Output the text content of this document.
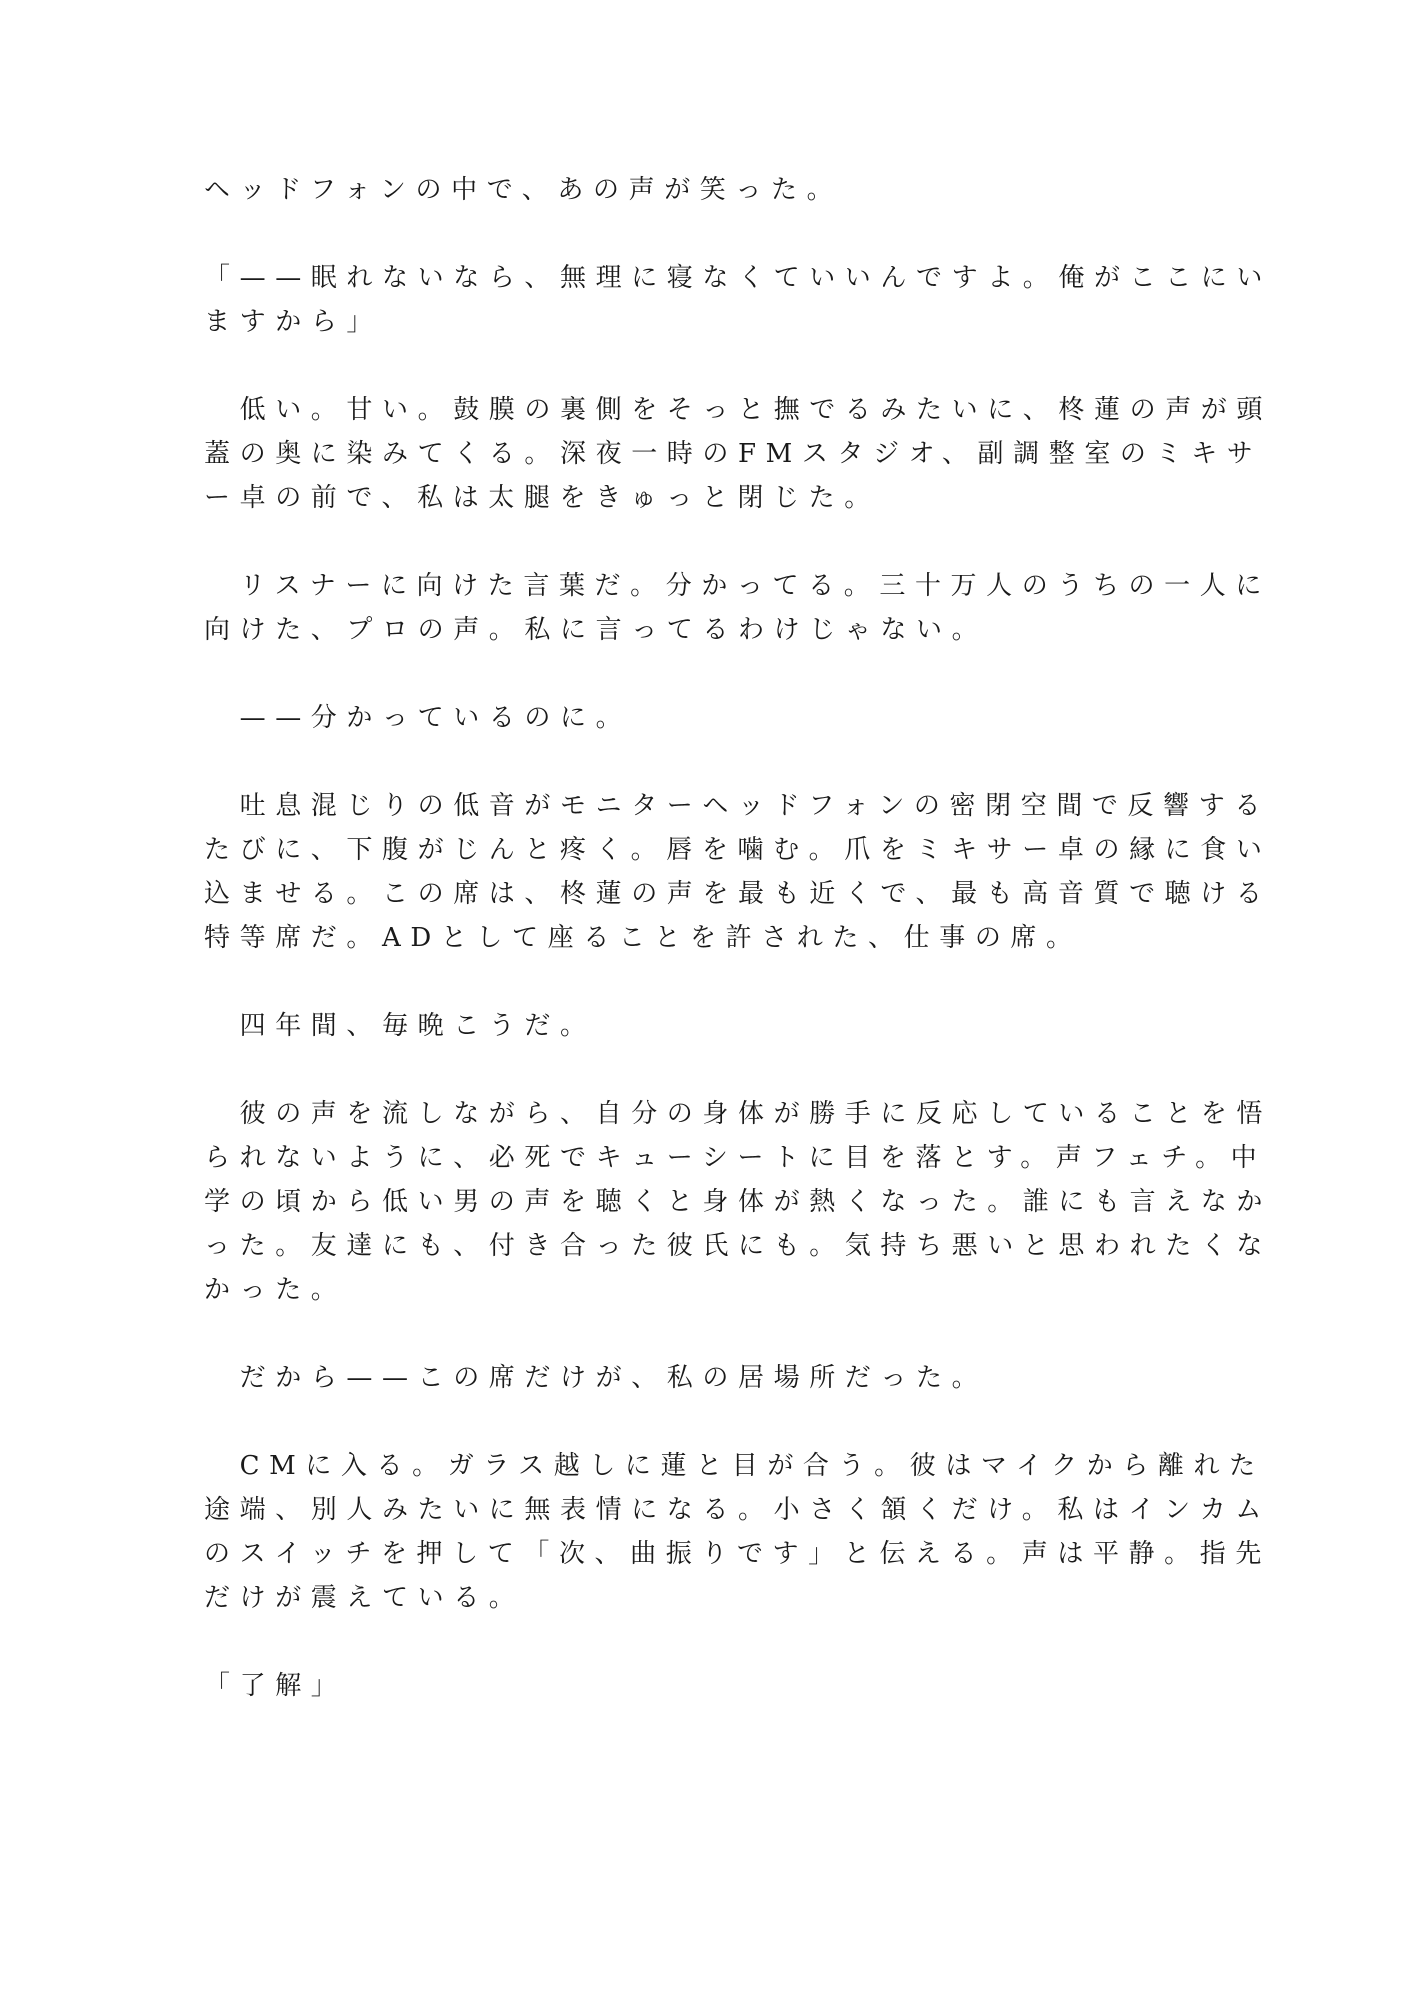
ヘッドフォンの中で、あの声が笑った。

「——眠れないなら、無理に寝なくていいんですよ。俺がここにい
ますから」

　低い。甘い。鼓膜の裏側をそっと撫でるみたいに、柊蓮の声が頭
蓋の奥に染みてくる。深夜一時のFMスタジオ、副調整室のミキサ
ー卓の前で、私は太腿をきゅっと閉じた。

　リスナーに向けた言葉だ。分かってる。三十万人のうちの一人に
向けた、プロの声。私に言ってるわけじゃない。

　——分かっているのに。

　吐息混じりの低音がモニターヘッドフォンの密閉空間で反響する
たびに、下腹がじんと疼く。唇を噛む。爪をミキサー卓の縁に食い
込ませる。この席は、柊蓮の声を最も近くで、最も高音質で聴ける
特等席だ。ADとして座ることを許された、仕事の席。

　四年間、毎晩こうだ。

　彼の声を流しながら、自分の身体が勝手に反応していることを悟
られないように、必死でキューシートに目を落とす。声フェチ。中
学の頃から低い男の声を聴くと身体が熱くなった。誰にも言えなか
った。友達にも、付き合った彼氏にも。気持ち悪いと思われたくな
かった。

　だから——この席だけが、私の居場所だった。

　CMに入る。ガラス越しに蓮と目が合う。彼はマイクから離れた
途端、別人みたいに無表情になる。小さく頷くだけ。私はインカム
のスイッチを押して「次、曲振りです」と伝える。声は平静。指先
だけが震えている。

「了解」
